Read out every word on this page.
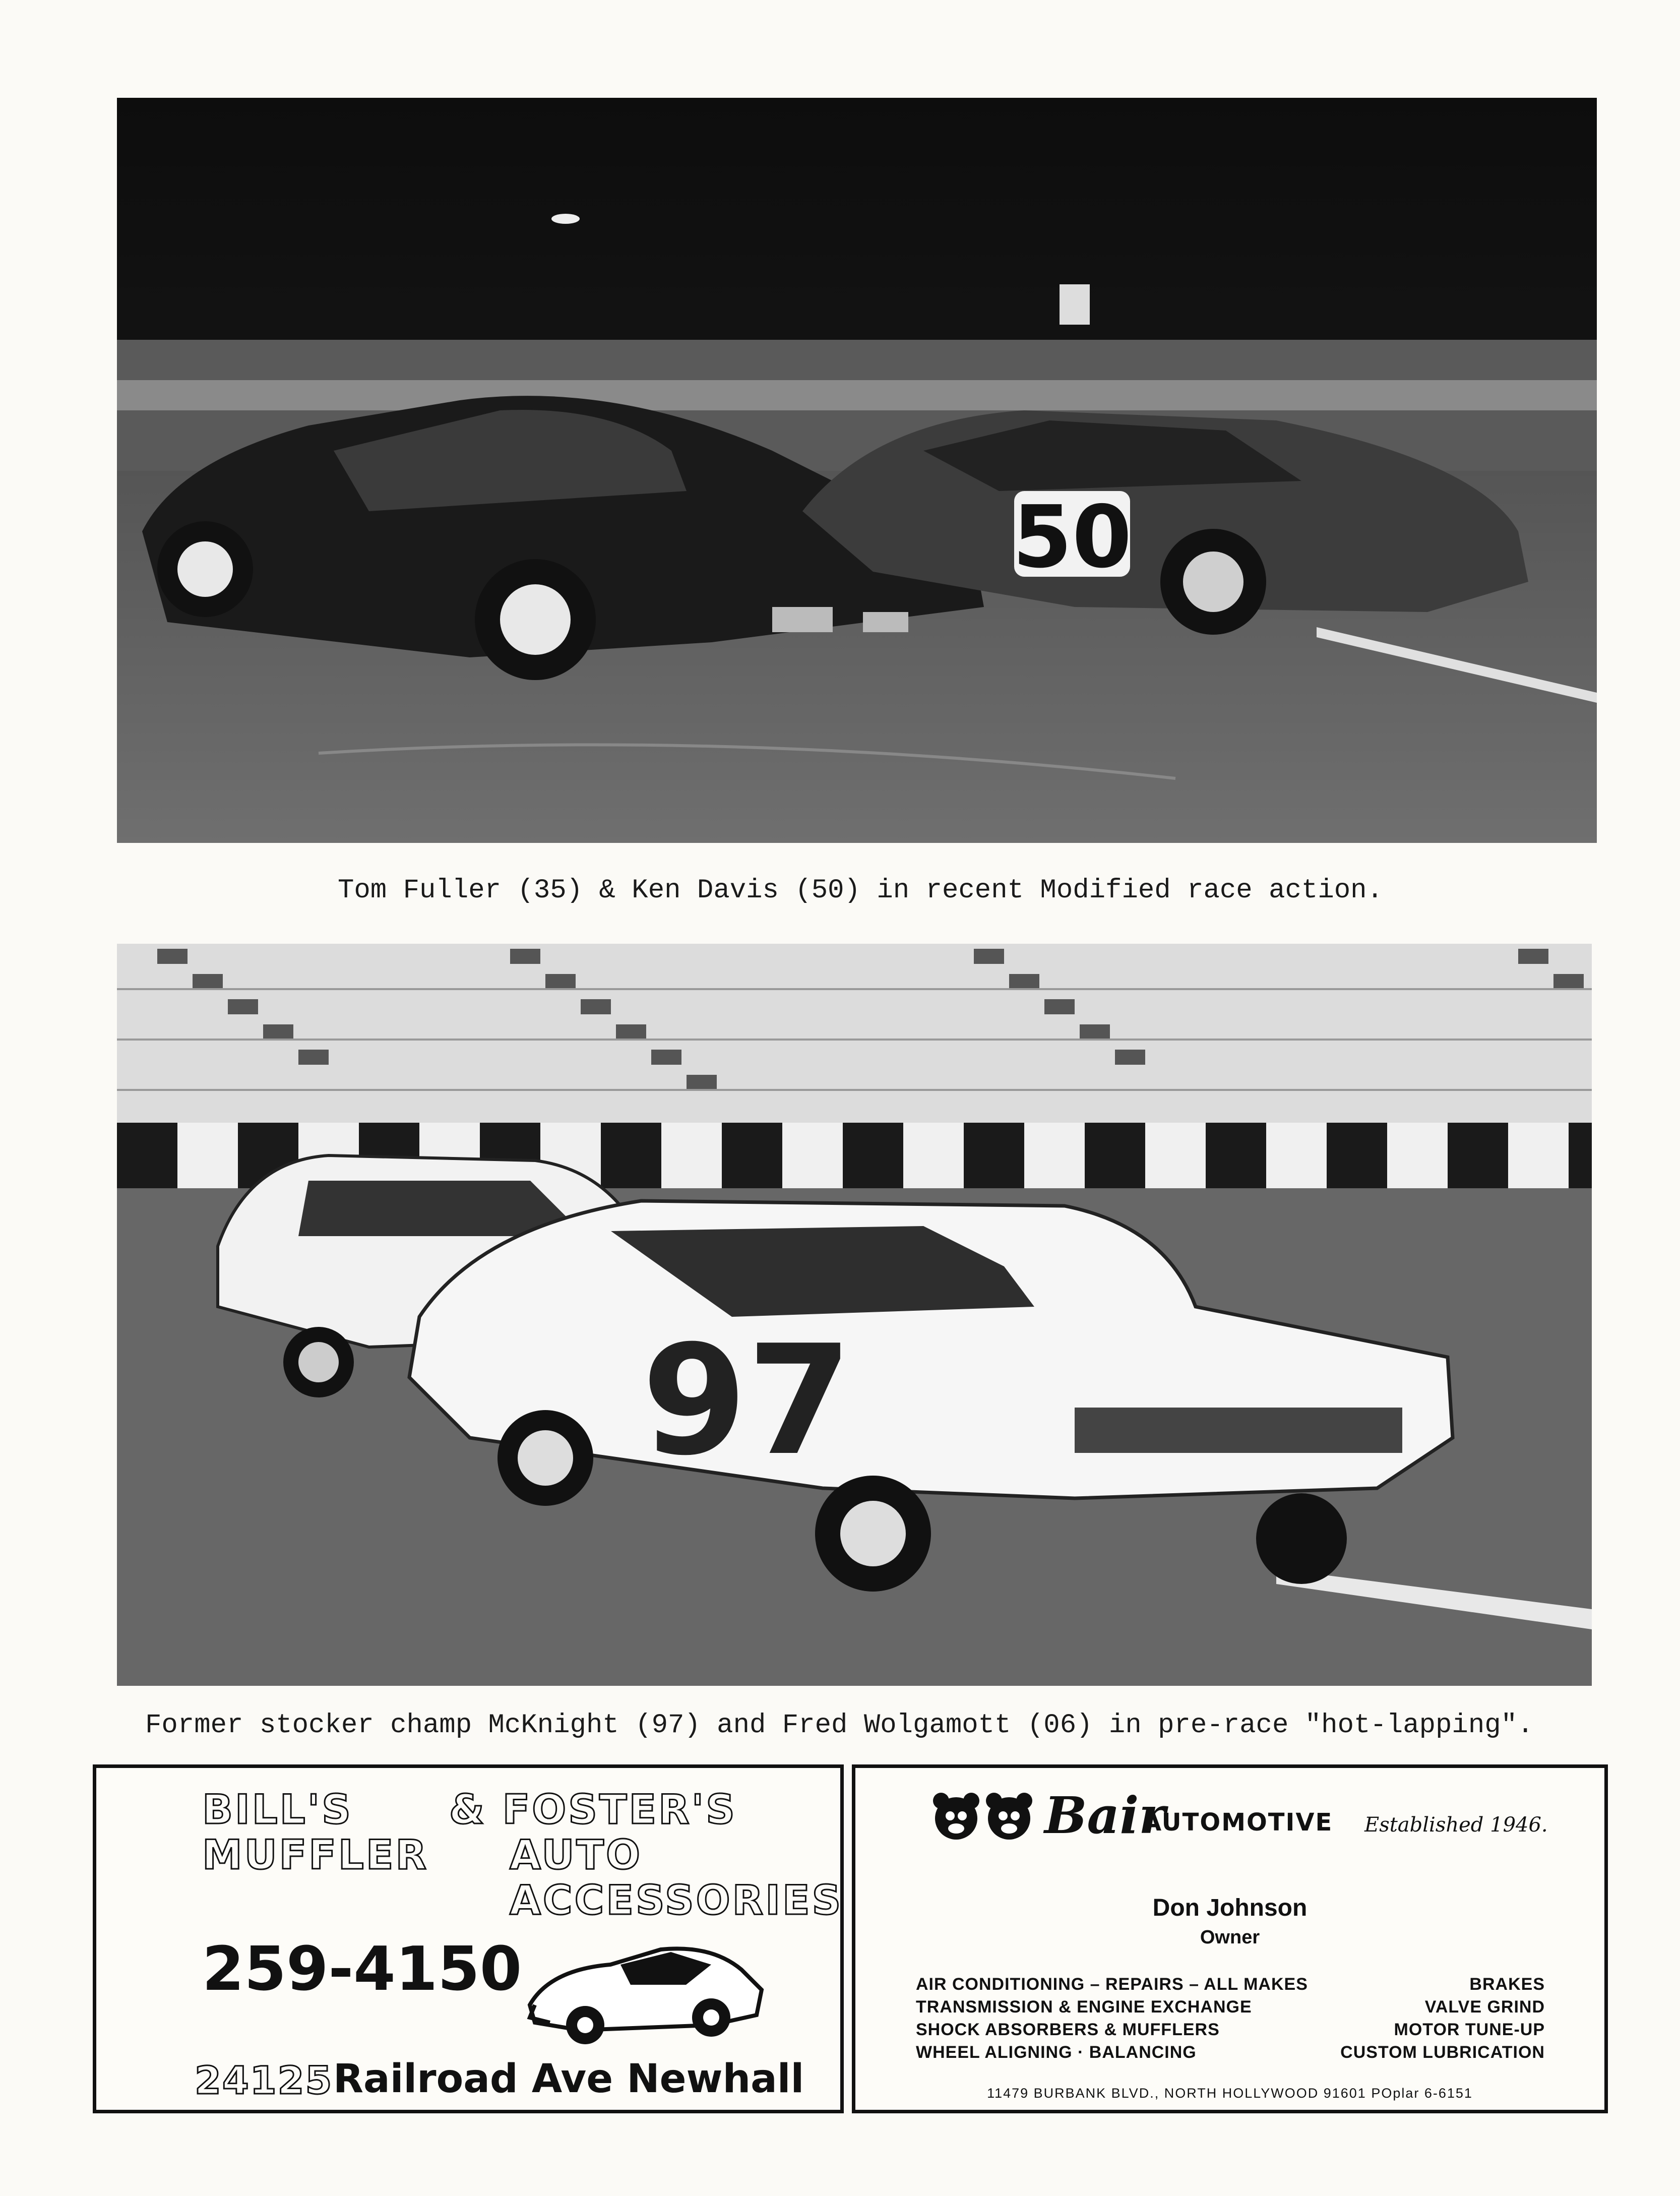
50
Tom Fuller (35) & Ken Davis (50) in recent Modified race action.
97
Former stocker champ McKnight (97) and Fred Wolgamott (06) in pre-race "hot-lapping".
BILL'S
MUFFLER
& FOSTER'S
AUTO
ACCESSORIES
259-4150
24125 Railroad Ave Newhall
Bair
AUTOMOTIVE Established 1946.
Don Johnson
Owner
AIR CONDITIONING – REPAIRS – ALL MAKES
TRANSMISSION & ENGINE EXCHANGE
SHOCK ABSORBERS & MUFFLERS
WHEEL ALIGNING · BALANCING
BRAKES
VALVE GRIND
MOTOR TUNE-UP
CUSTOM LUBRICATION
11479 BURBANK BLVD., NORTH HOLLYWOOD 91601 POplar 6-6151
